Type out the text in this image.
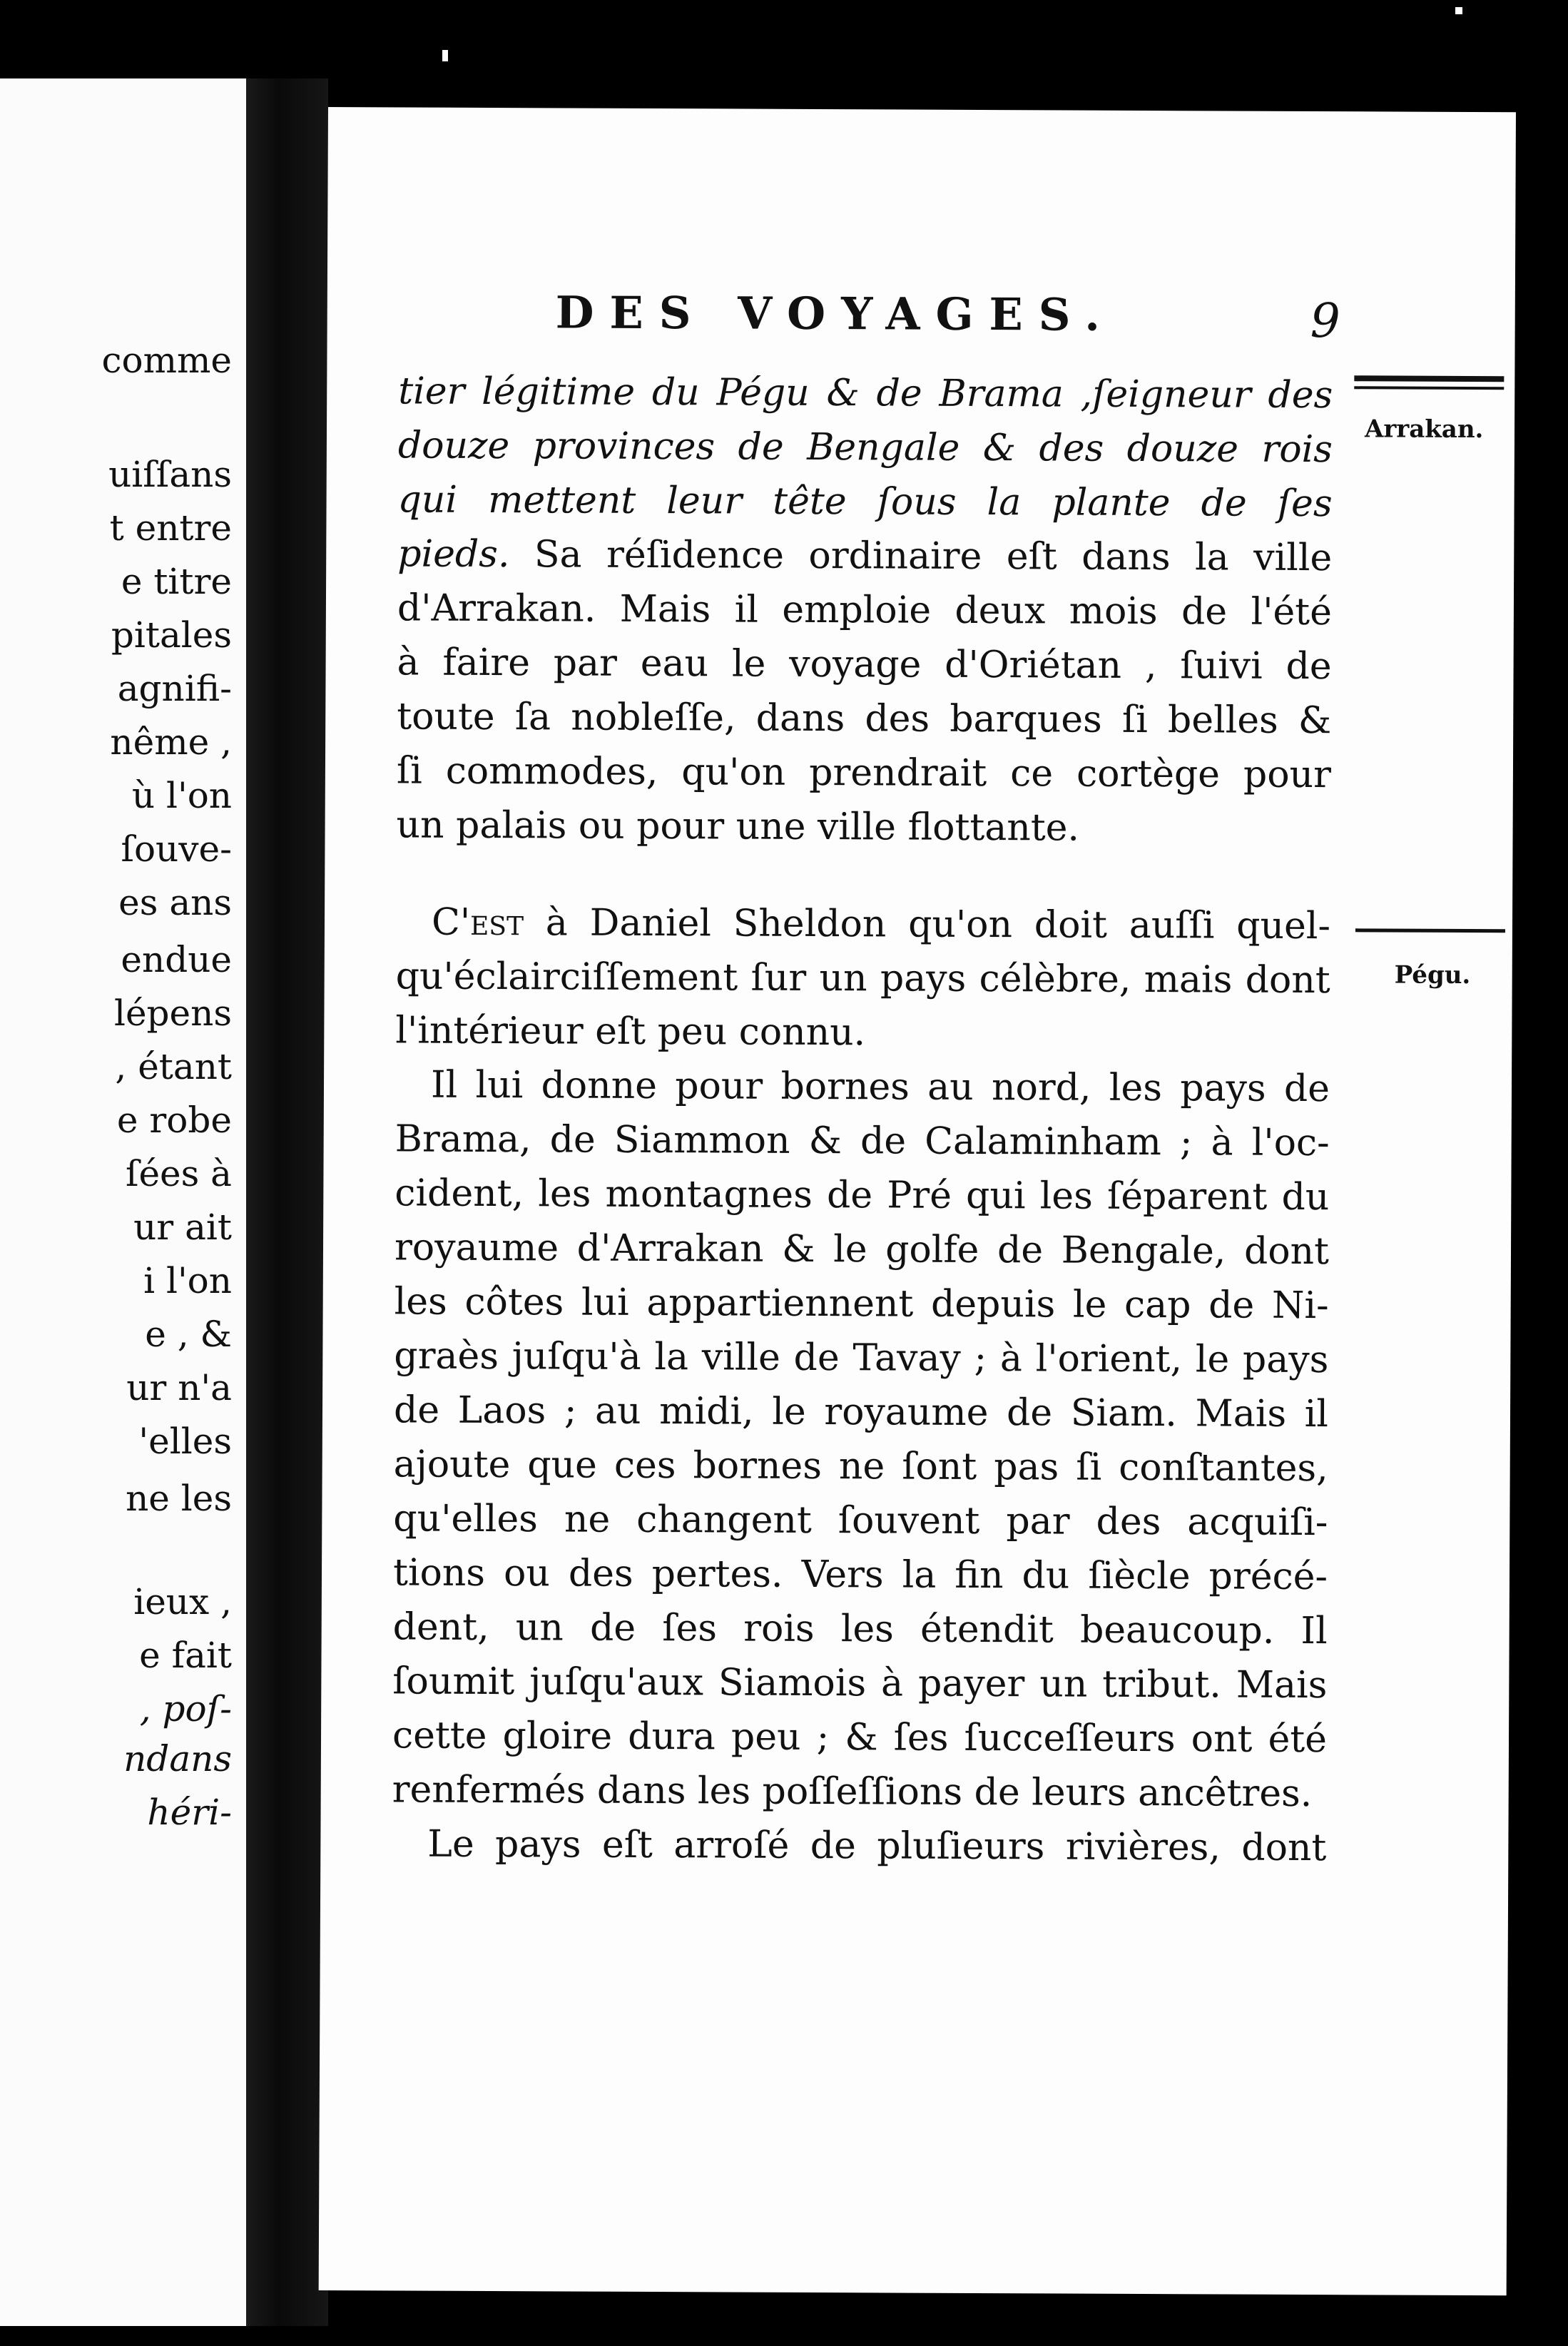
comme
uiſſans
t entre
e titre
pitales
agnifi-
nême ,
ù l'on
ſouve-
es ans
endue
lépens
, étant
e robe
ſées à
ur ait
i l'on
e , &
ur n'a
'elles
ne les
ieux ,
e fait
, poſ-
ndans
héri-
DES VOYAGES.	9
tier légitime du Pégu & de Brama ,ſeigneur des
douze provinces de Bengale & des douze rois
qui mettent leur tête ſous la plante de ſes
pieds. Sa réſidence ordinaire eſt dans la ville
d'Arrakan. Mais il emploie deux mois de l'été
à faire par eau le voyage d'Oriétan , ſuivi de
toute ſa nobleſſe, dans des barques ſi belles &
ſi commodes, qu'on prendrait ce cortège pour
un palais ou pour une ville flottante.
C'est à Daniel Sheldon qu'on doit auſſi quel-
qu'éclairciſſement ſur un pays célèbre, mais dont
l'intérieur eſt peu connu.
Il lui donne pour bornes au nord, les pays de
Brama, de Siammon & de Calaminham ; à l'oc-
cident, les montagnes de Pré qui les ſéparent du
royaume d'Arrakan & le golfe de Bengale, dont
les côtes lui appartiennent depuis le cap de Ni-
graès juſqu'à la ville de Tavay ; à l'orient, le pays
de Laos ; au midi, le royaume de Siam. Mais il
ajoute que ces bornes ne ſont pas ſi conſtantes,
qu'elles ne changent ſouvent par des acquiſi-
tions ou des pertes. Vers la fin du ſiècle précé-
dent, un de ſes rois les étendit beaucoup. Il
ſoumit juſqu'aux Siamois à payer un tribut. Mais
cette gloire dura peu ; & ſes ſucceſſeurs ont été
renfermés dans les poſſeſſions de leurs ancêtres.
Le pays eſt arroſé de pluſieurs rivières, dont
Arrakan.
Pégu.
